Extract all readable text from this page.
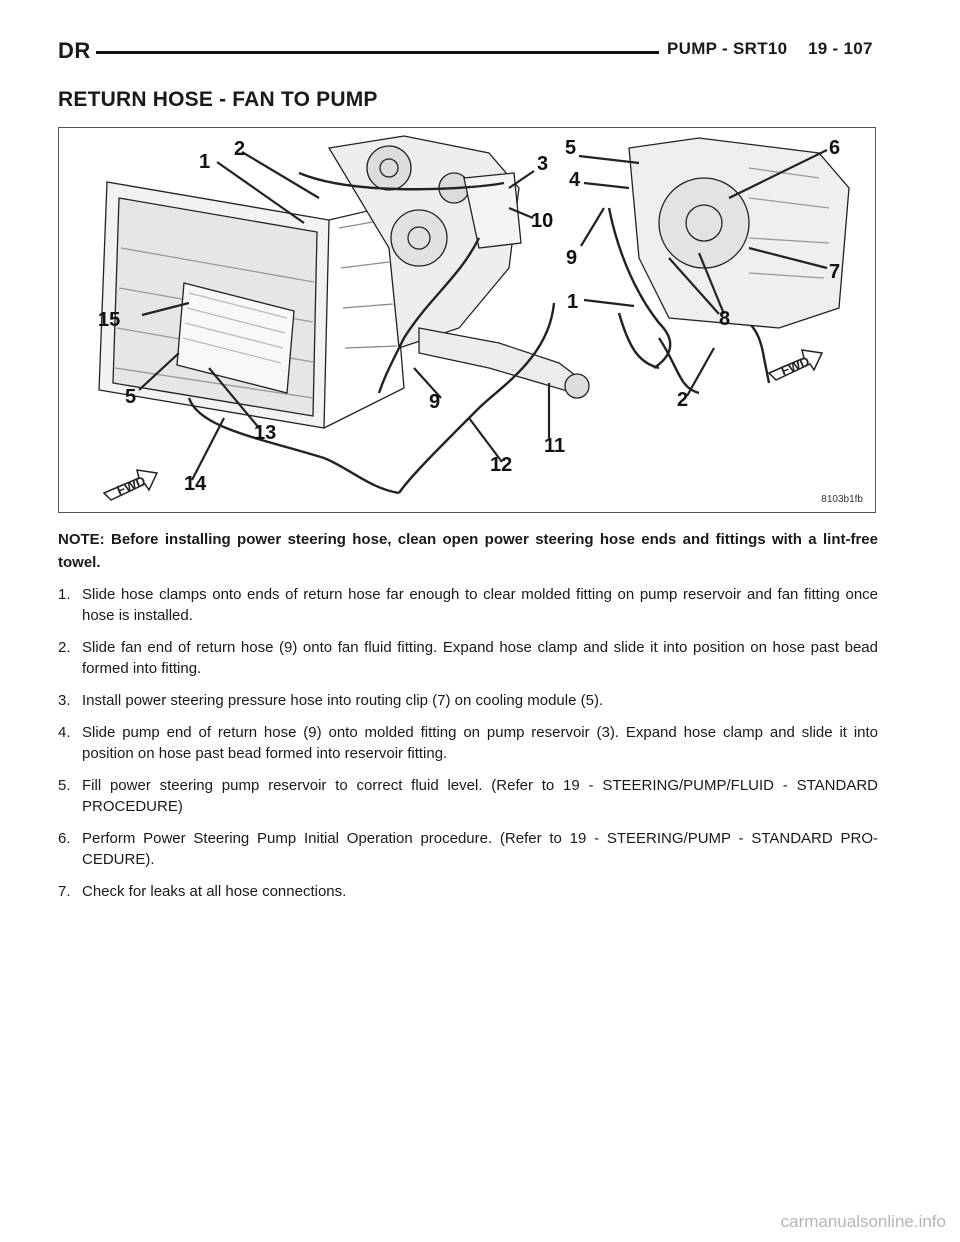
DR	PUMP - SRT10 19 - 107
RETURN HOSE - FAN TO PUMP
FWD
FWD
1
2
3
4
5	6
7
8
9
10
1
15
5
13
14
9
12
11
2
8103b1fb
NOTE: Before installing power steering hose, clean open power steering hose ends and fittings with a lint-free towel.
1. Slide hose clamps onto ends of return hose far enough to clear molded fitting on pump reservoir and fan fitting once hose is installed.
2. Slide fan end of return hose (9) onto fan fluid fitting. Expand hose clamp and slide it into position on hose past bead formed into fitting.
3. Install power steering pressure hose into routing clip (7) on cooling module (5).
4. Slide pump end of return hose (9) onto molded fitting on pump reservoir (3). Expand hose clamp and slide it into position on hose past bead formed into reservoir fitting.
5. Fill power steering pump reservoir to correct fluid level. (Refer to 19 - STEERING/PUMP/FLUID - STANDARD PROCEDURE)
6. Perform Power Steering Pump Initial Operation procedure. (Refer to 19 - STEERING/PUMP - STANDARD PRO-CEDURE).
7. Check for leaks at all hose connections.
carmanualsonline.info
